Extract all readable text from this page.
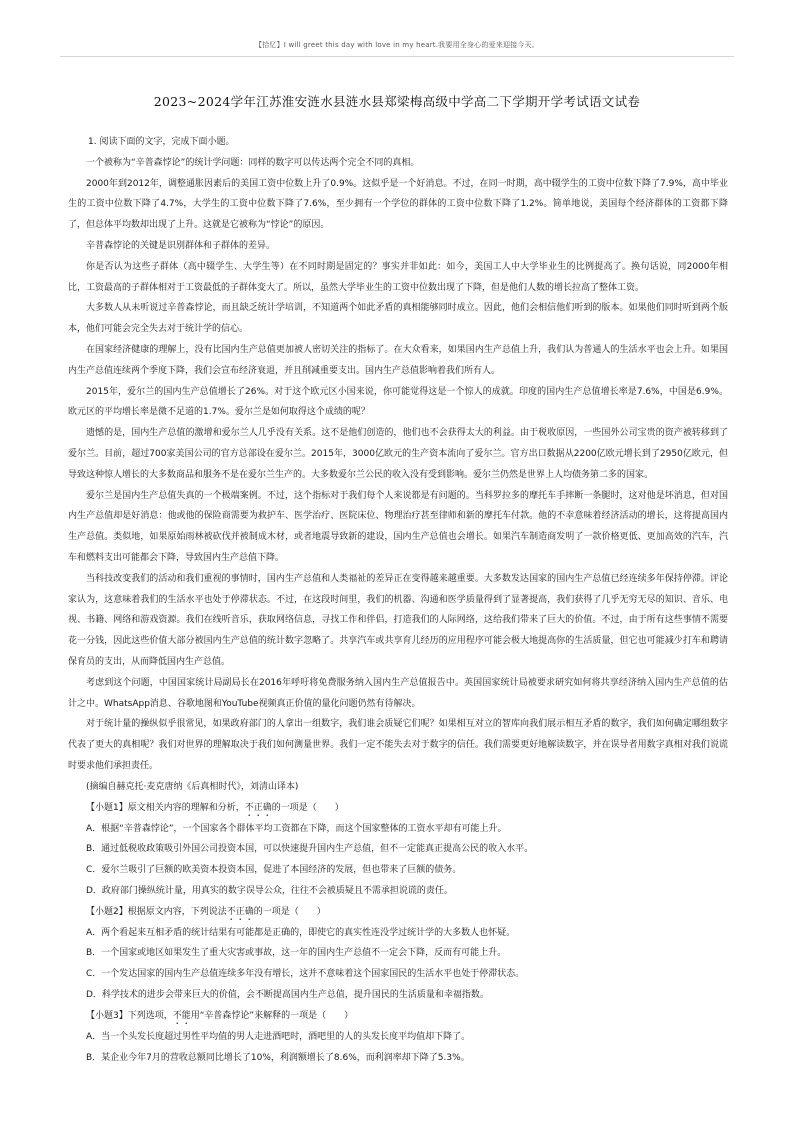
【拾忆】I will greet this day with love in my heart.我要用全身心的爱来迎接今天。
2023~2024学年江苏淮安涟水县涟水县郑梁梅高级中学高二下学期开学考试语文试卷

1. 阅读下面的文字，完成下面小题。

一个被称为“辛普森悖论”的统计学问题：同样的数字可以传达两个完全不同的真相。

2000年到2012年，调整通胀因素后的美国工资中位数上升了0.9%。这似乎是一个好消息。不过，在同一时期，高中辍学生的工资中位数下降了7.9%，高中毕业生的工资中位数下降了4.7%，大学生的工资中位数下降了7.6%，至少拥有一个学位的群体的工资中位数下降了1.2%。简单地说，美国每个经济群体的工资都下降了，但总体平均数却出现了上升。这就是它被称为“悖论”的原因。

辛普森悖论的关键是识别群体和子群体的差异。

你是否认为这些子群体（高中辍学生、大学生等）在不同时期是固定的？事实并非如此：如今，美国工人中大学毕业生的比例提高了。换句话说，同2000年相比，工资最高的子群体相对于工资最低的子群体变大了。所以，虽然大学毕业生的工资中位数出现了下降，但是他们人数的增长拉高了整体工资。

大多数人从未听说过辛普森悖论，而且缺乏统计学培训，不知道两个如此矛盾的真相能够同时成立。因此，他们会相信他们听到的版本。如果他们同时听到两个版本，他们可能会完全失去对于统计学的信心。

在国家经济健康的理解上，没有比国内生产总值更加被人密切关注的指标了。在大众看来，如果国内生产总值上升，我们认为普通人的生活水平也会上升。如果国内生产总值连续两个季度下降，我们会宣布经济衰退，并且削减重要支出。国内生产总值影响着我们所有人。

2015年，爱尔兰的国内生产总值增长了26%。对于这个欧元区小国来说，你可能觉得这是一个惊人的成就。印度的国内生产总值增长率是7.6%，中国是6.9%。欧元区的平均增长率是微不足道的1.7%。爱尔兰是如何取得这个成绩的呢？

遗憾的是，国内生产总值的激增和爱尔兰人几乎没有关系。这不是他们创造的，他们也不会获得太大的利益。由于税收原因，一些国外公司宝贵的资产被转移到了爱尔兰。目前，超过700家美国公司的官方总部设在爱尔兰。2015年，3000亿欧元的生产资本流向了爱尔兰。官方出口数据从2200亿欧元增长到了2950亿欧元，但导致这种惊人增长的大多数商品和服务不是在爱尔兰生产的。大多数爱尔兰公民的收入没有受到影响。爱尔兰仍然是世界上人均债务第二多的国家。

爱尔兰是国内生产总值失真的一个极端案例。不过，这个指标对于我们每个人来说都是有问题的。当科罗拉多的摩托车手摔断一条腿时，这对他是坏消息，但对国内生产总值却是好消息：他或他的保险商需要为救护车、医学治疗、医院床位、物理治疗甚至律师和新的摩托车付款。他的不幸意味着经济活动的增长，这将提高国内生产总值。类似地，如果原始雨林被砍伐并被制成木材，或者地震导致新的建设，国内生产总值也会增长。如果汽车制造商发明了一款价格更低、更加高效的汽车，汽车和燃料支出可能都会下降，导致国内生产总值下降。

当科技改变我们的活动和我们重视的事情时，国内生产总值和人类福祉的差异正在变得越来越重要。大多数发达国家的国内生产总值已经连续多年保持停滞。评论家认为，这意味着我们的生活水平也处于停滞状态。不过，在这段时间里，我们的机器、沟通和医学质量得到了显著提高，我们获得了几乎无穷无尽的知识、音乐、电视、书籍、网络和游戏资源。我们在线听音乐，获取网络信息，寻找工作和伴侣，打造我们的人际网络，这给我们带来了巨大的价值。不过，由于所有这些事情不需要花一分钱，因此这些价值大部分被国内生产总值的统计数字忽略了。共享汽车或共享育儿经历的应用程序可能会极大地提高你的生活质量，但它也可能减少打车和聘请保育员的支出，从而降低国内生产总值。

考虑到这个问题，中国国家统计局副局长在2016年呼吁将免费服务纳入国内生产总值报告中。英国国家统计局被要求研究如何将共享经济纳入国内生产总值的估计之中。WhatsApp消息、谷歌地图和YouTube视频真正价值的量化问题仍然有待解决。

对于统计量的操纵似乎很常见，如果政府部门的人拿出一组数字，我们谁会质疑它们呢？如果相互对立的智库向我们展示相互矛盾的数字，我们如何确定哪组数字代表了更大的真相呢？我们对世界的理解取决于我们如何测量世界。我们一定不能失去对于数字的信任。我们需要更好地解读数字，并在误导者用数字真相对我们说谎时要求他们承担责任。

(摘编自赫克托·麦克唐纳《后真相时代》，刘清山译本)

【小题1】原文相关内容的理解和分析，不正确的一项是（　　）

A．根据“辛普森悖论”，一个国家各个群体平均工资都在下降，而这个国家整体的工资水平却有可能上升。

B．通过低税收政策吸引外国公司投资本国，可以快速提升国内生产总值，但不一定能真正提高公民的收入水平。

C．爱尔兰吸引了巨额的欧美资本投资本国，促进了本国经济的发展，但也带来了巨额的债务。

D．政府部门操纵统计量，用真实的数字误导公众，往往不会被质疑且不需承担说谎的责任。

【小题2】根据原文内容，下列说法不正确的一项是（　　）

A．两个看起来互相矛盾的统计结果有可能都是正确的，即使它的真实性连没学过统计学的大多数人也怀疑。

B．一个国家或地区如果发生了重大灾害或事故，这一年的国内生产总值不一定会下降，反而有可能上升。

C．一个发达国家的国内生产总值连续多年没有增长，这并不意味着这个国家国民的生活水平也处于停滞状态。

D．科学技术的进步会带来巨大的价值，会不断提高国内生产总值，提升国民的生活质量和幸福指数。

【小题3】下列选项，不能用“辛普森悖论”来解释的一项是（　　）

A．当一个头发长度超过男性平均值的男人走进酒吧时，酒吧里的人的头发长度平均值却下降了。

B．某企业今年7月的营收总额同比增长了10%，利润额增长了8.6%，而利润率却下降了5.3%。
